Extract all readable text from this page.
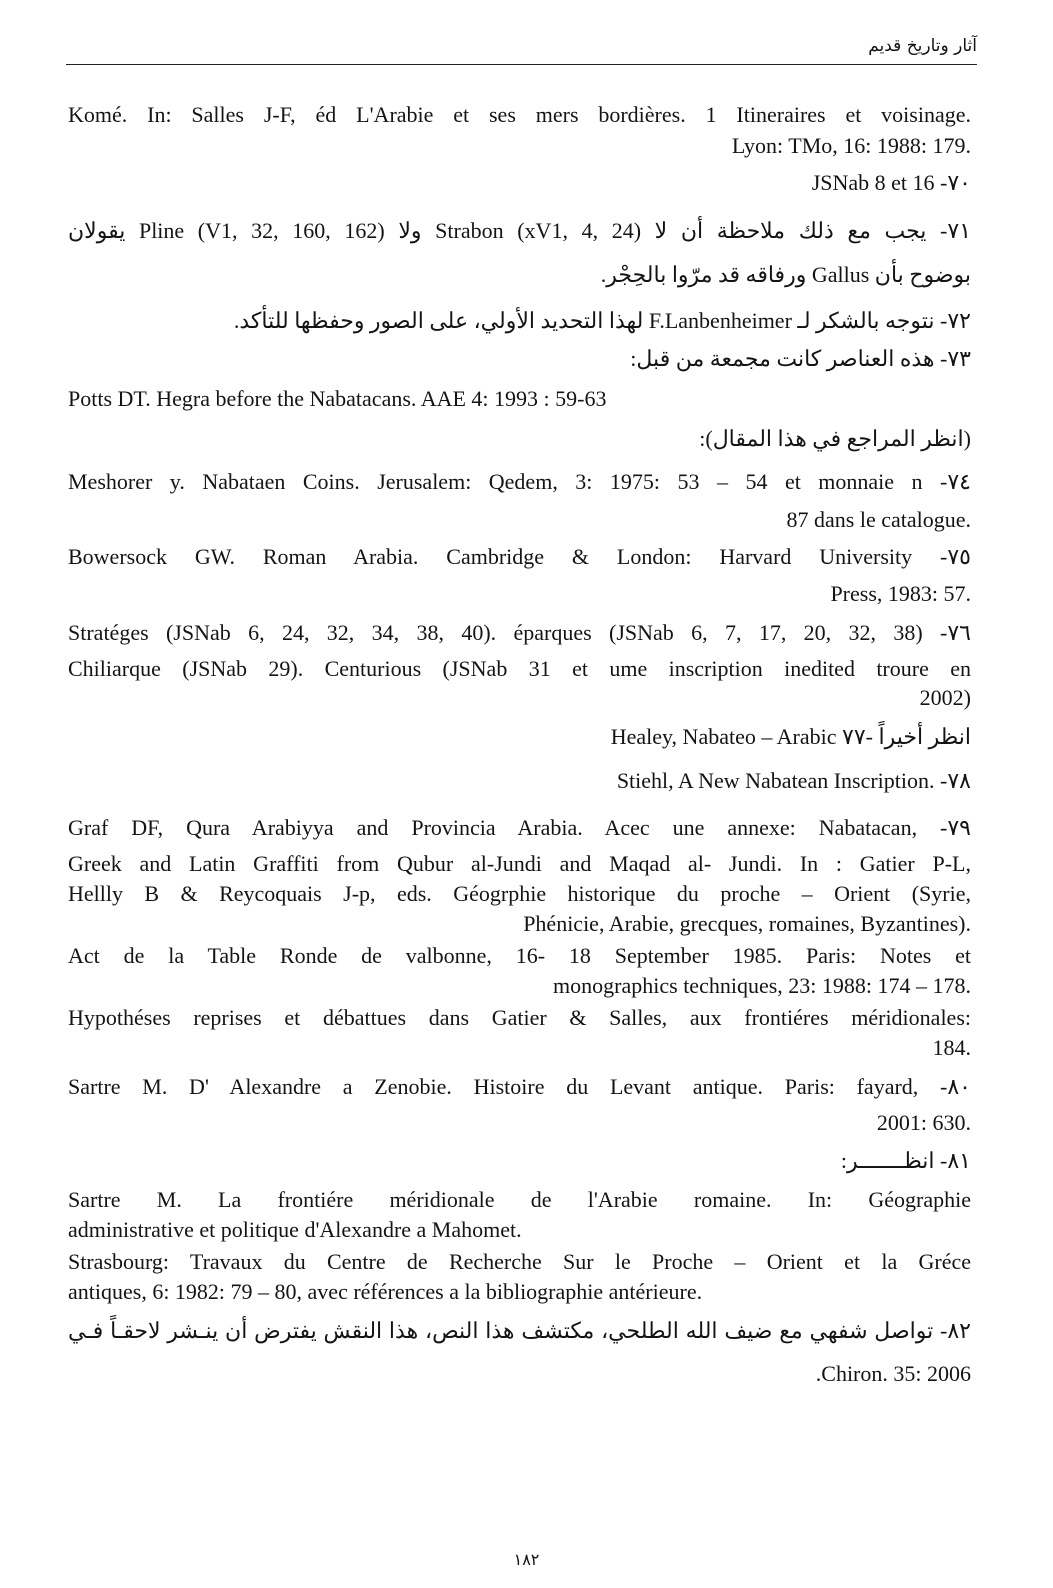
آثار وتاريخ قديم
Komé. In: Salles J-F, éd L'Arabie et ses mers bordières. 1 Itineraires et voisinage.
Lyon: TMo, 16: 1988: 179.
JSNab 8 et 16 -٧٠
٧١- يجب مع ذلك ملاحظة أن لا Strabon (xV1, 4, 24) ولا Pline (V1, 32, 160, 162) يقولان
بوضوح بأن Gallus ورفاقه قد مرّوا بالحِجْر.
٧٢- نتوجه بالشكر لـ F.Lanbenheimer لهذا التحديد الأولي، على الصور وحفظها للتأكد.
٧٣- هذه العناصر كانت مجمعة من قبل:
Potts DT. Hegra before the Nabatacans. AAE 4: 1993 : 59-63
(انظر المراجع في هذا المقال):
Meshorer y. Nabataen Coins. Jerusalem: Qedem, 3: 1975: 53 – 54 et monnaie n -٧٤
87 dans le catalogue.
Bowersock GW. Roman Arabia. Cambridge & London: Harvard University -٧٥
Press, 1983: 57.
Stratéges (JSNab 6, 24, 32, 34, 38, 40). éparques (JSNab 6, 7, 17, 20, 32, 38) -٧٦
Chiliarque (JSNab 29). Centurious (JSNab 31 et ume inscription inedited troure en
2002)
Healey, Nabateo – Arabic انظر أخيراً -٧٧
Stiehl, A New Nabatean Inscription. -٧٨
Graf DF, Qura Arabiyya and Provincia Arabia. Acec une annexe: Nabatacan, -٧٩
Greek and Latin Graffiti from Qubur al-Jundi and Maqad al- Jundi. In : Gatier P-L,
Hellly B & Reycoquais J-p, eds. Géogrphie historique du proche – Orient (Syrie,
Phénicie, Arabie, grecques, romaines, Byzantines).
Act de la Table Ronde de valbonne, 16- 18 September 1985. Paris: Notes et
monographics techniques, 23: 1988: 174 – 178.
Hypothéses reprises et débattues dans Gatier & Salles, aux frontiéres méridionales:
184.
Sartre M. D' Alexandre a Zenobie. Histoire du Levant antique. Paris: fayard, -٨٠
2001: 630.
٨١- انظـــــــر:
Sartre M. La frontiére méridionale de l'Arabie romaine. In: Géographie
administrative et politique d'Alexandre a Mahomet.
Strasbourg: Travaux du Centre de Recherche Sur le Proche – Orient et la Gréce
antiques, 6: 1982: 79 – 80, avec références a la bibliographie antérieure.
٨٢- تواصل شفهي مع ضيف الله الطلحي، مكتشف هذا النص، هذا النقش يفترض أن ينـشر لاحقـاً فـي
.Chiron. 35: 2006
١٨٢
